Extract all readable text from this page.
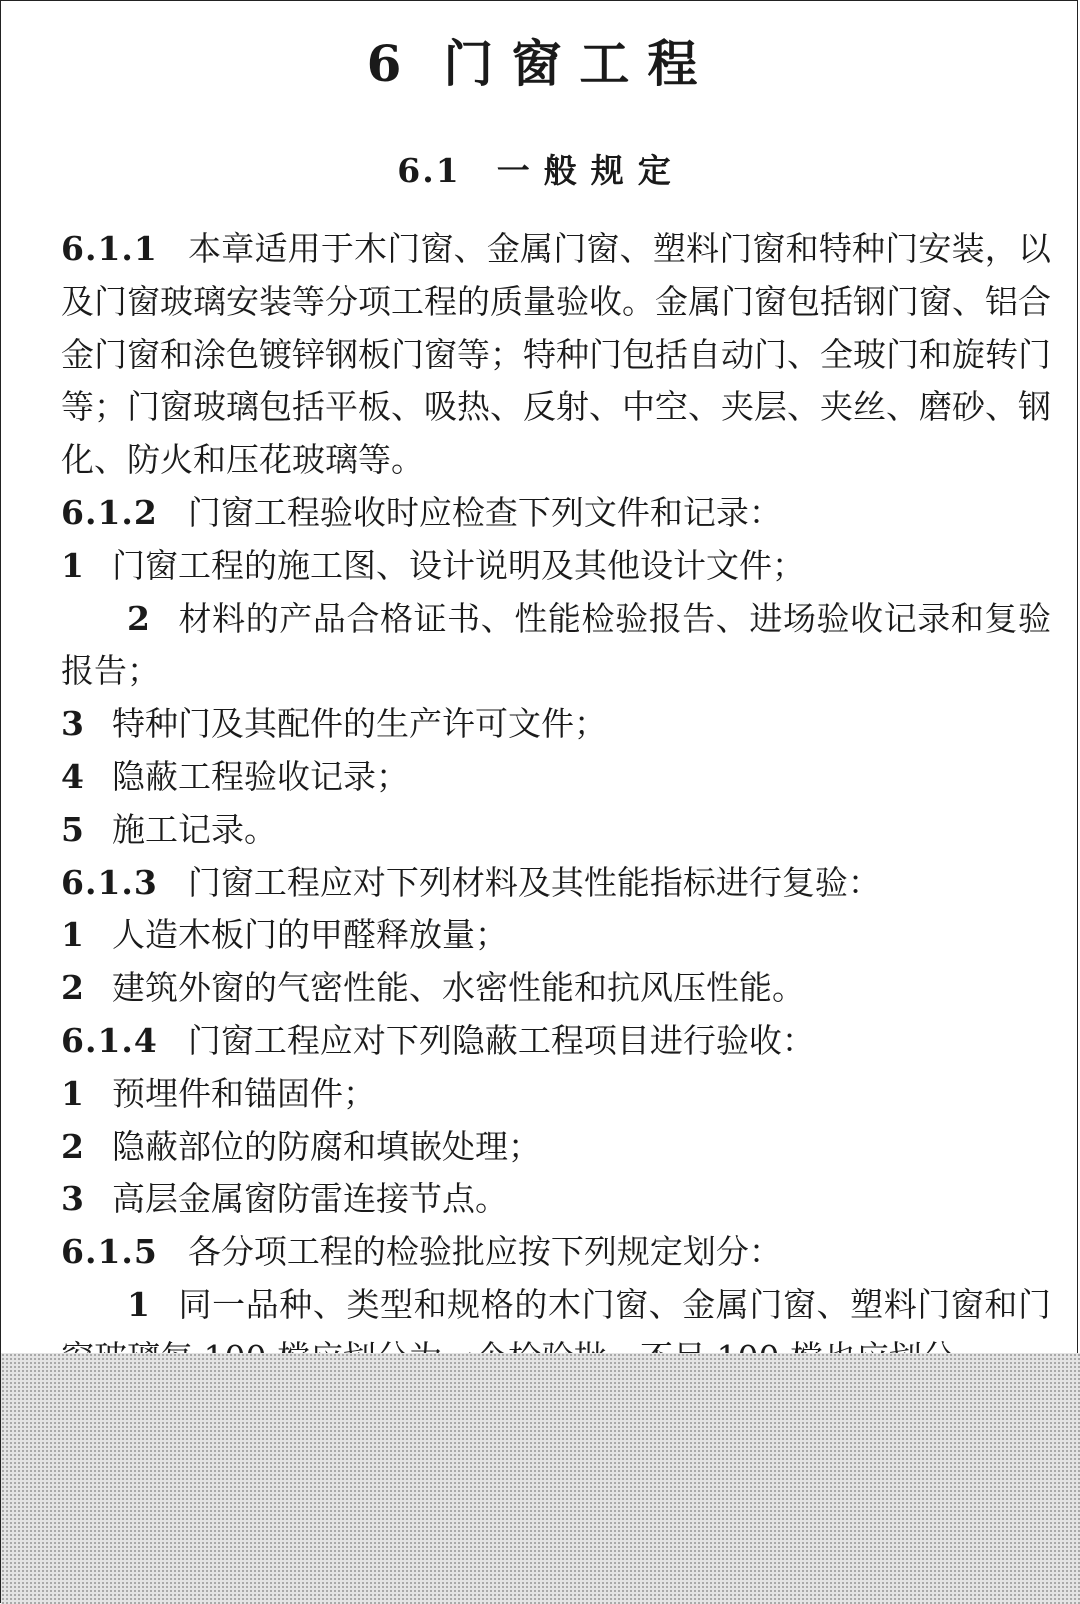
6 门窗工程
6.1 一般规定

6.1.1 本章适用于木门窗、金属门窗、塑料门窗和特种门安装，以及门窗玻璃安装等分项工程的质量验收。金属门窗包括钢门窗、铝合金门窗和涂色镀锌钢板门窗等；特种门包括自动门、全玻门和旋转门等；门窗玻璃包括平板、吸热、反射、中空、夹层、夹丝、磨砂、钢化、防火和压花玻璃等。

6.1.2 门窗工程验收时应检查下列文件和记录：

1 门窗工程的施工图、设计说明及其他设计文件；

2 材料的产品合格证书、性能检验报告、进场验收记录和复验报告；

3 特种门及其配件的生产许可文件；

4 隐蔽工程验收记录；

5 施工记录。

6.1.3 门窗工程应对下列材料及其性能指标进行复验：

1 人造木板门的甲醛释放量；

2 建筑外窗的气密性能、水密性能和抗风压性能。

6.1.4 门窗工程应对下列隐蔽工程项目进行验收：

1 预埋件和锚固件；

2 隐蔽部位的防腐和填嵌处理；

3 高层金属窗防雷连接节点。

6.1.5 各分项工程的检验批应按下列规定划分：

1 同一品种、类型和规格的木门窗、金属门窗、塑料门窗和门
